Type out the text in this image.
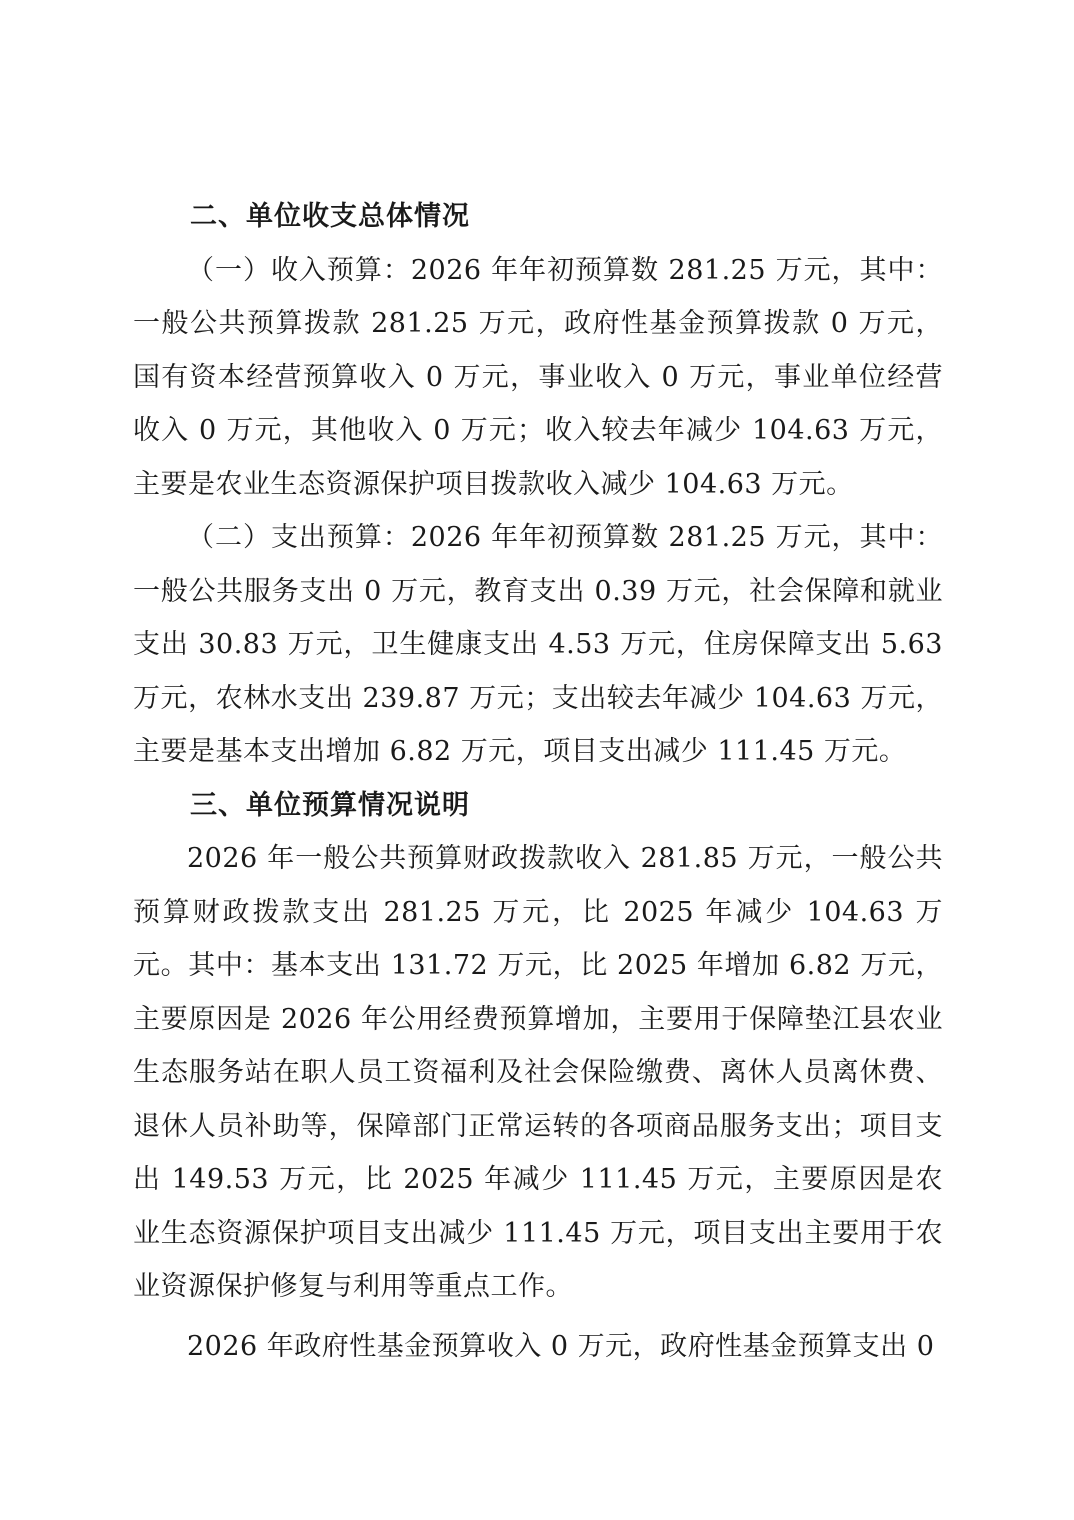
二、单位收支总体情况

（一）收入预算：2026 年年初预算数 281.25 万元，其中：一般公共预算拨款 281.25 万元，政府性基金预算拨款 0 万元，国有资本经营预算收入 0 万元，事业收入 0 万元，事业单位经营收入 0 万元，其他收入 0 万元；收入较去年减少 104.63 万元，主要是农业生态资源保护项目拨款收入减少 104.63 万元。

（二）支出预算：2026 年年初预算数 281.25 万元，其中：一般公共服务支出 0 万元，教育支出 0.39 万元，社会保障和就业支出 30.83 万元，卫生健康支出 4.53 万元，住房保障支出 5.63 万元，农林水支出 239.87 万元；支出较去年减少 104.63 万元，主要是基本支出增加 6.82 万元，项目支出减少 111.45 万元。

三、单位预算情况说明

2026 年一般公共预算财政拨款收入 281.85 万元，一般公共预算财政拨款支出 281.25 万元，比 2025 年减少 104.63 万元。其中：基本支出 131.72 万元，比 2025 年增加 6.82 万元，主要原因是 2026 年公用经费预算增加，主要用于保障垫江县农业生态服务站在职人员工资福利及社会保险缴费、离休人员离休费、退休人员补助等，保障部门正常运转的各项商品服务支出；项目支出 149.53 万元，比 2025 年减少 111.45 万元，主要原因是农业生态资源保护项目支出减少 111.45 万元，项目支出主要用于农业资源保护修复与利用等重点工作。

2026 年政府性基金预算收入 0 万元，政府性基金预算支出 0
